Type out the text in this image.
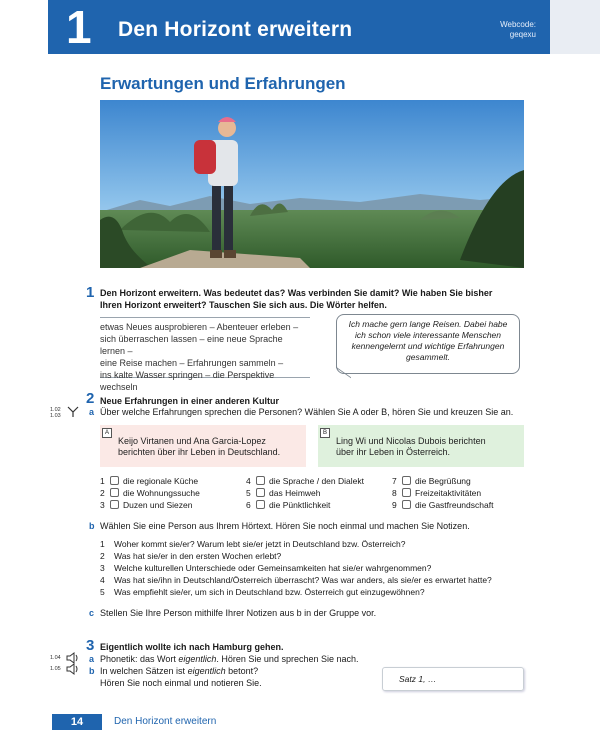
1 Den Horizont erweitern	Webcode:
geqexu
Erwartungen und Erfahrungen
1 Den Horizont erweitern. Was bedeutet das? Was verbinden Sie damit? Wie haben Sie bisher
Ihren Horizont erweitert? Tauschen Sie sich aus. Die Wörter helfen.
etwas Neues ausprobieren – Abenteuer erleben –
sich überraschen lassen – eine neue Sprache lernen –
eine Reise machen – Erfahrungen sammeln –
ins kalte Wasser springen – die Perspektive wechseln
Ich mache gern lange Reisen. Dabei habe
ich schon viele interessante Menschen
kennengelernt und wichtige Erfahrungen
gesammelt.
2 Neue Erfahrungen in einer anderen Kultur
1.02
1.03	a Über welche Erfahrungen sprechen die Personen? Wählen Sie A oder B, hören Sie und kreuzen Sie an.
A
Keijo Virtanen und Ana Garcia-Lopez
berichten über ihr Leben in Deutschland.
B
Ling Wi und Nicolas Dubois berichten
über ihr Leben in Österreich.
1 die regionale Küche
2 die Wohnungssuche
3 Duzen und Siezen
4 die Sprache / den Dialekt
5 das Heimweh
6 die Pünktlichkeit
7 die Begrüßung
8 Freizeitaktivitäten
9 die Gastfreundschaft
b Wählen Sie eine Person aus Ihrem Hörtext. Hören Sie noch einmal und machen Sie Notizen.
1 Woher kommt sie/er? Warum lebt sie/er jetzt in Deutschland bzw. Österreich?
2 Was hat sie/er in den ersten Wochen erlebt?
3 Welche kulturellen Unterschiede oder Gemeinsamkeiten hat sie/er wahrgenommen?
4 Was hat sie/ihn in Deutschland/Österreich überrascht? Was war anders, als sie/er es erwartet hatte?
5 Was empfiehlt sie/er, um sich in Deutschland bzw. Österreich gut einzugewöhnen?
c Stellen Sie Ihre Person mithilfe Ihrer Notizen aus b in der Gruppe vor.
3 Eigentlich wollte ich nach Hamburg gehen.
1.04
1.05
a Phonetik: das Wort eigentlich. Hören Sie und sprechen Sie nach.
b In welchen Sätzen ist eigentlich betont?
Hören Sie noch einmal und notieren Sie.	Satz 1, …
14	Den Horizont erweitern
